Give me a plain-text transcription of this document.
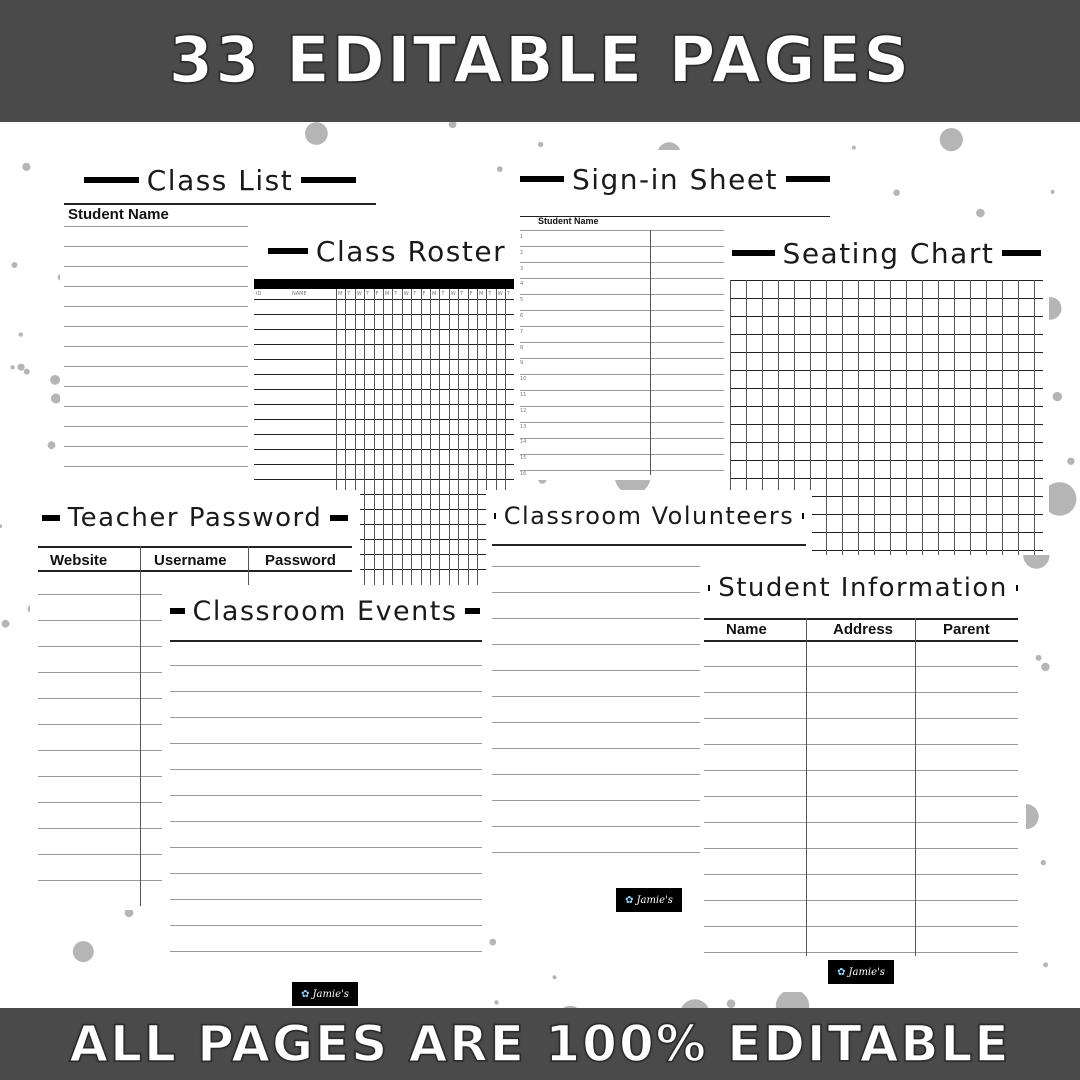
33 EDITABLE PAGES
Class List
Student Name
Sign-in Sheet
Student Name
1
2
3
4
5
6
7
8
9
10
11
12
13
14
15
16
Class Roster
ID	NAME	M T W T F M T W T F M T W T F M T W T
Seating Chart
Teacher Password
Website	Username	Password
Classroom Volunteers
✿ Jamie's
Classroom Events
✿ Jamie's
Student Information
Name	Address	Parent
✿ Jamie's
ALL PAGES ARE 100% EDITABLE
